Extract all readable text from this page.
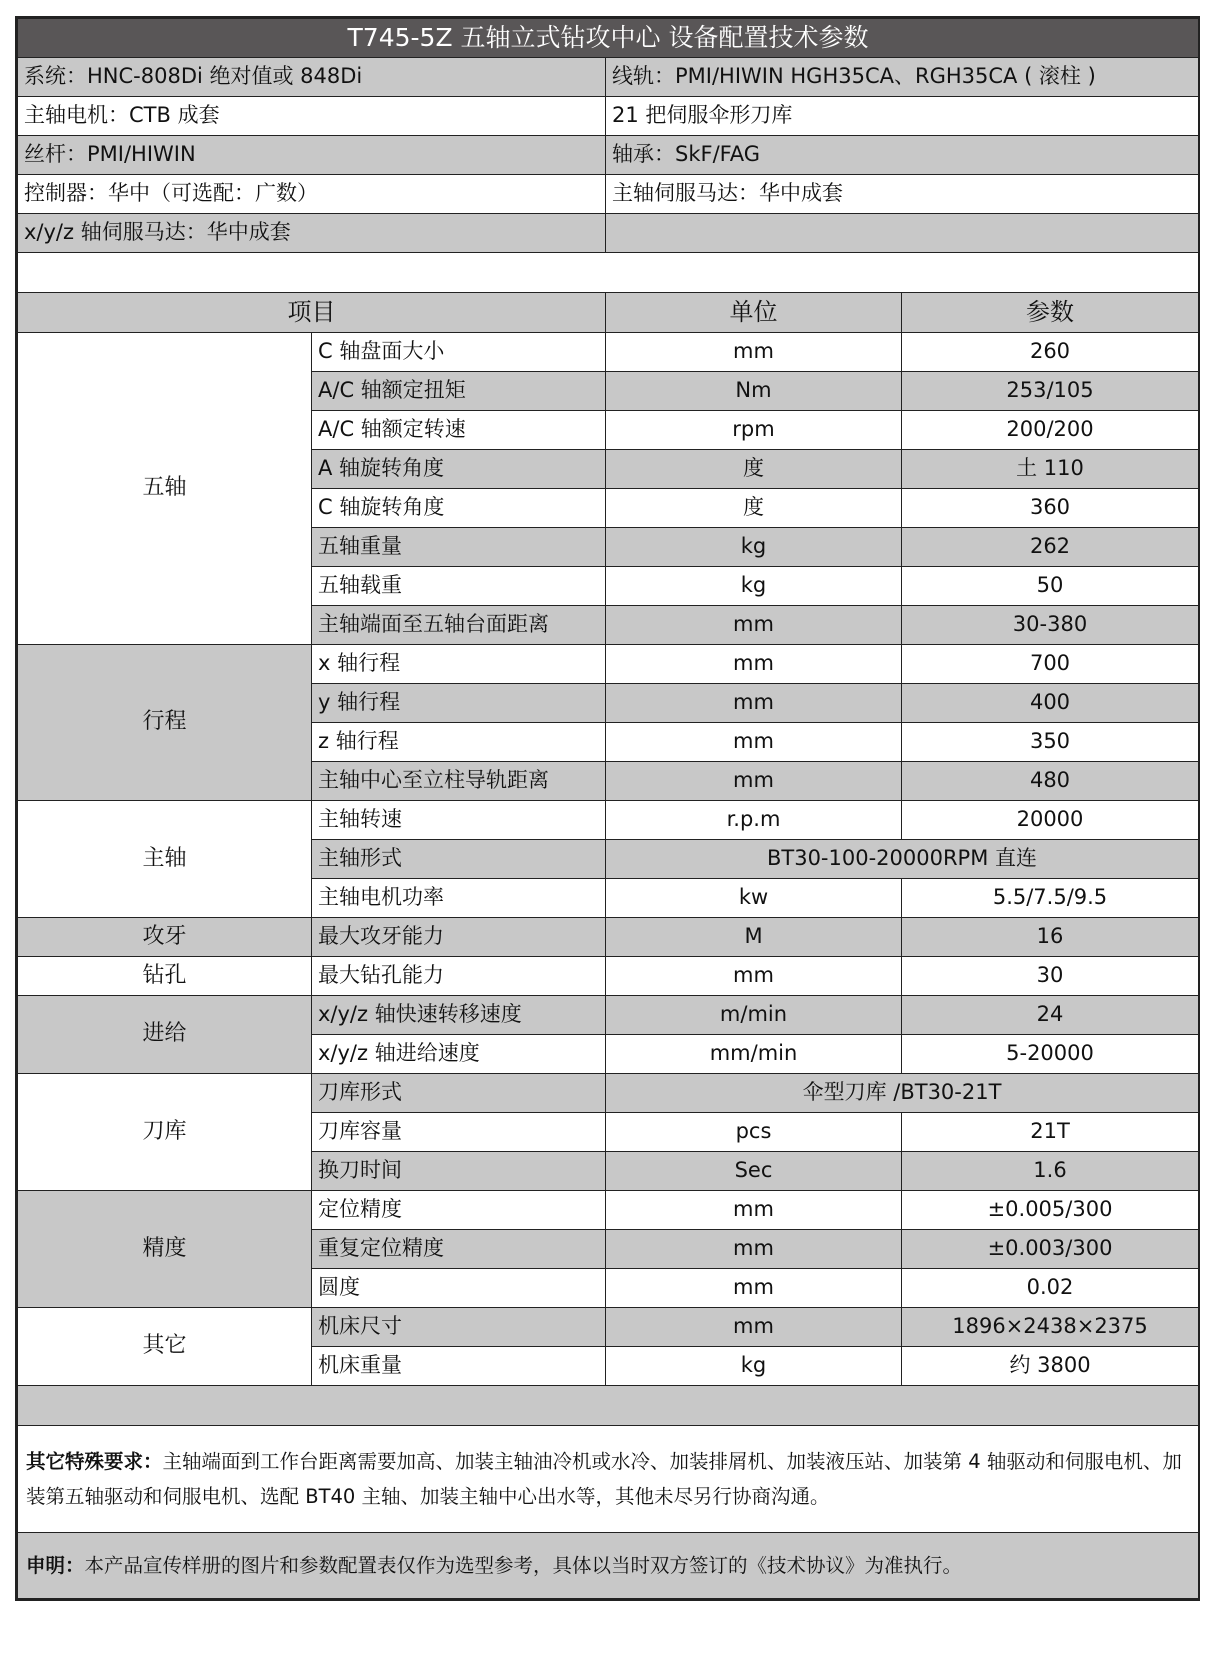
T745-5Z 五轴立式钻攻中心 设备配置技术参数			
系统：HNC-808Di 绝对值或 848Di		线轨：PMI/HIWIN HGH35CA、RGH35CA ( 滚柱 )	
主轴电机：CTB 成套		21 把伺服伞形刀库	
丝杆：PMI/HIWIN		轴承：SkF/FAG	
控制器：华中（可选配：广数）		主轴伺服马达：华中成套	
x/y/z 轴伺服马达：华中成套			

项目		单位	参数
五轴	C 轴盘面大小	mm	260
	A/C 轴额定扭矩	Nm	253/105
	A/C 轴额定转速	rpm	200/200
	A 轴旋转角度	度	土 110
	C 轴旋转角度	度	360
	五轴重量	kg	262
	五轴载重	kg	50
	主轴端面至五轴台面距离	mm	30-380
行程	x 轴行程	mm	700
	y 轴行程	mm	400
	z 轴行程	mm	350
	主轴中心至立柱导轨距离	mm	480
主轴	主轴转速	r.p.m	20000
	主轴形式	BT30-100-20000RPM 直连	
	主轴电机功率	kw	5.5/7.5/9.5
攻牙	最大攻牙能力	M	16
钻孔	最大钻孔能力	mm	30
进给	x/y/z 轴快速转移速度	m/min	24
	x/y/z 轴进给速度	mm/min	5-20000
刀库	刀库形式	伞型刀库 /BT30-21T	
	刀库容量	pcs	21T
	换刀时间	Sec	1.6
精度	定位精度	mm	±0.005/300
	重复定位精度	mm	±0.003/300
	圆度	mm	0.02
其它	机床尺寸	mm	1896×2438×2375
	机床重量	kg	约 3800

其它特殊要求：主轴端面到工作台距离需要加高、加装主轴油冷机或水冷、加装排屑机、加装液压站、加装第 4 轴驱动和伺服电机、加装第五轴驱动和伺服电机、选配 BT40 主轴、加装主轴中心出水等，其他未尽另行协商沟通。			
申明：本产品宣传样册的图片和参数配置表仅作为选型参考，具体以当时双方签订的《技术协议》为准执行。			
